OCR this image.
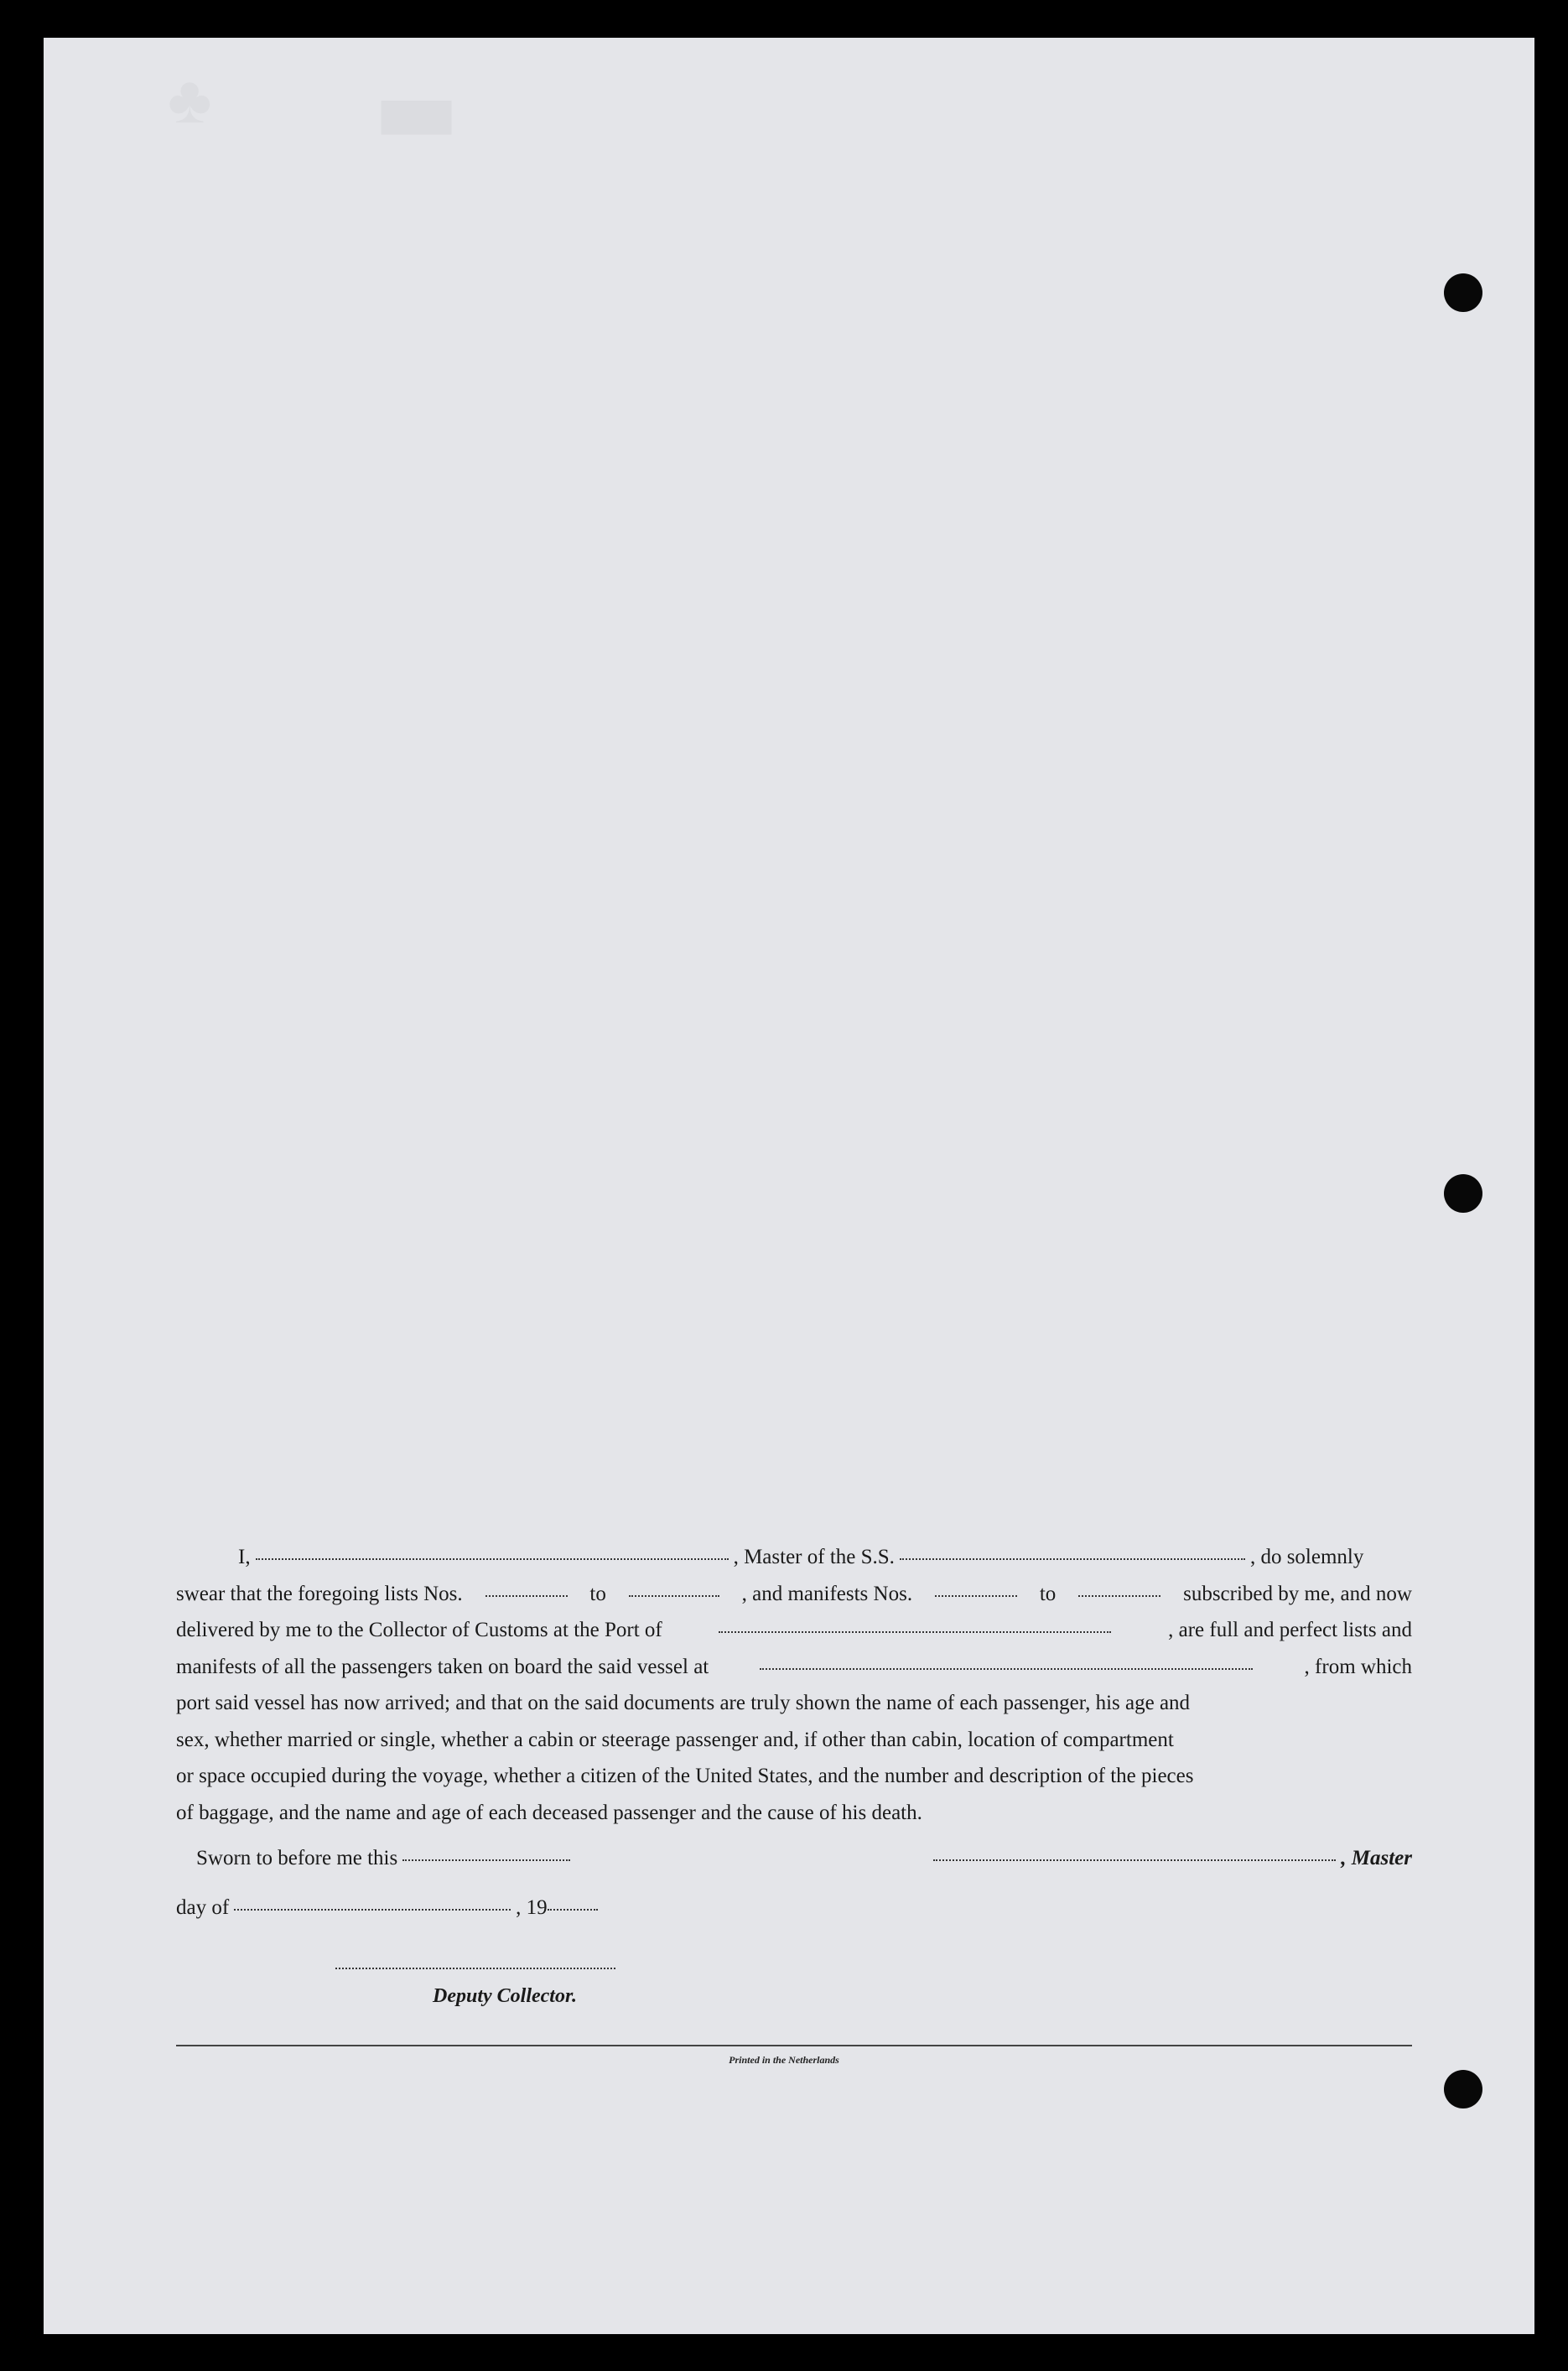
▮
♣
I,	, Master of the S.S.	, do solemnly
swear that the foregoing lists Nos.	to	, and manifests Nos.	to	subscribed by me, and now
delivered by me to the Collector of Customs at the Port of	, are full and perfect lists and
manifests of all the passengers taken on board the said vessel at	, from which
port said vessel has now arrived; and that on the said documents are truly shown the name of each passenger, his age and
sex, whether married or single, whether a cabin or steerage passenger and, if other than cabin, location of compartment
or space occupied during the voyage, whether a citizen of the United States, and the number and description of the pieces
of baggage, and the name and age of each deceased passenger and the cause of his death.
Sworn to before me this	, Master
day of	, 19
Deputy Collector.
Printed in the Netherlands
